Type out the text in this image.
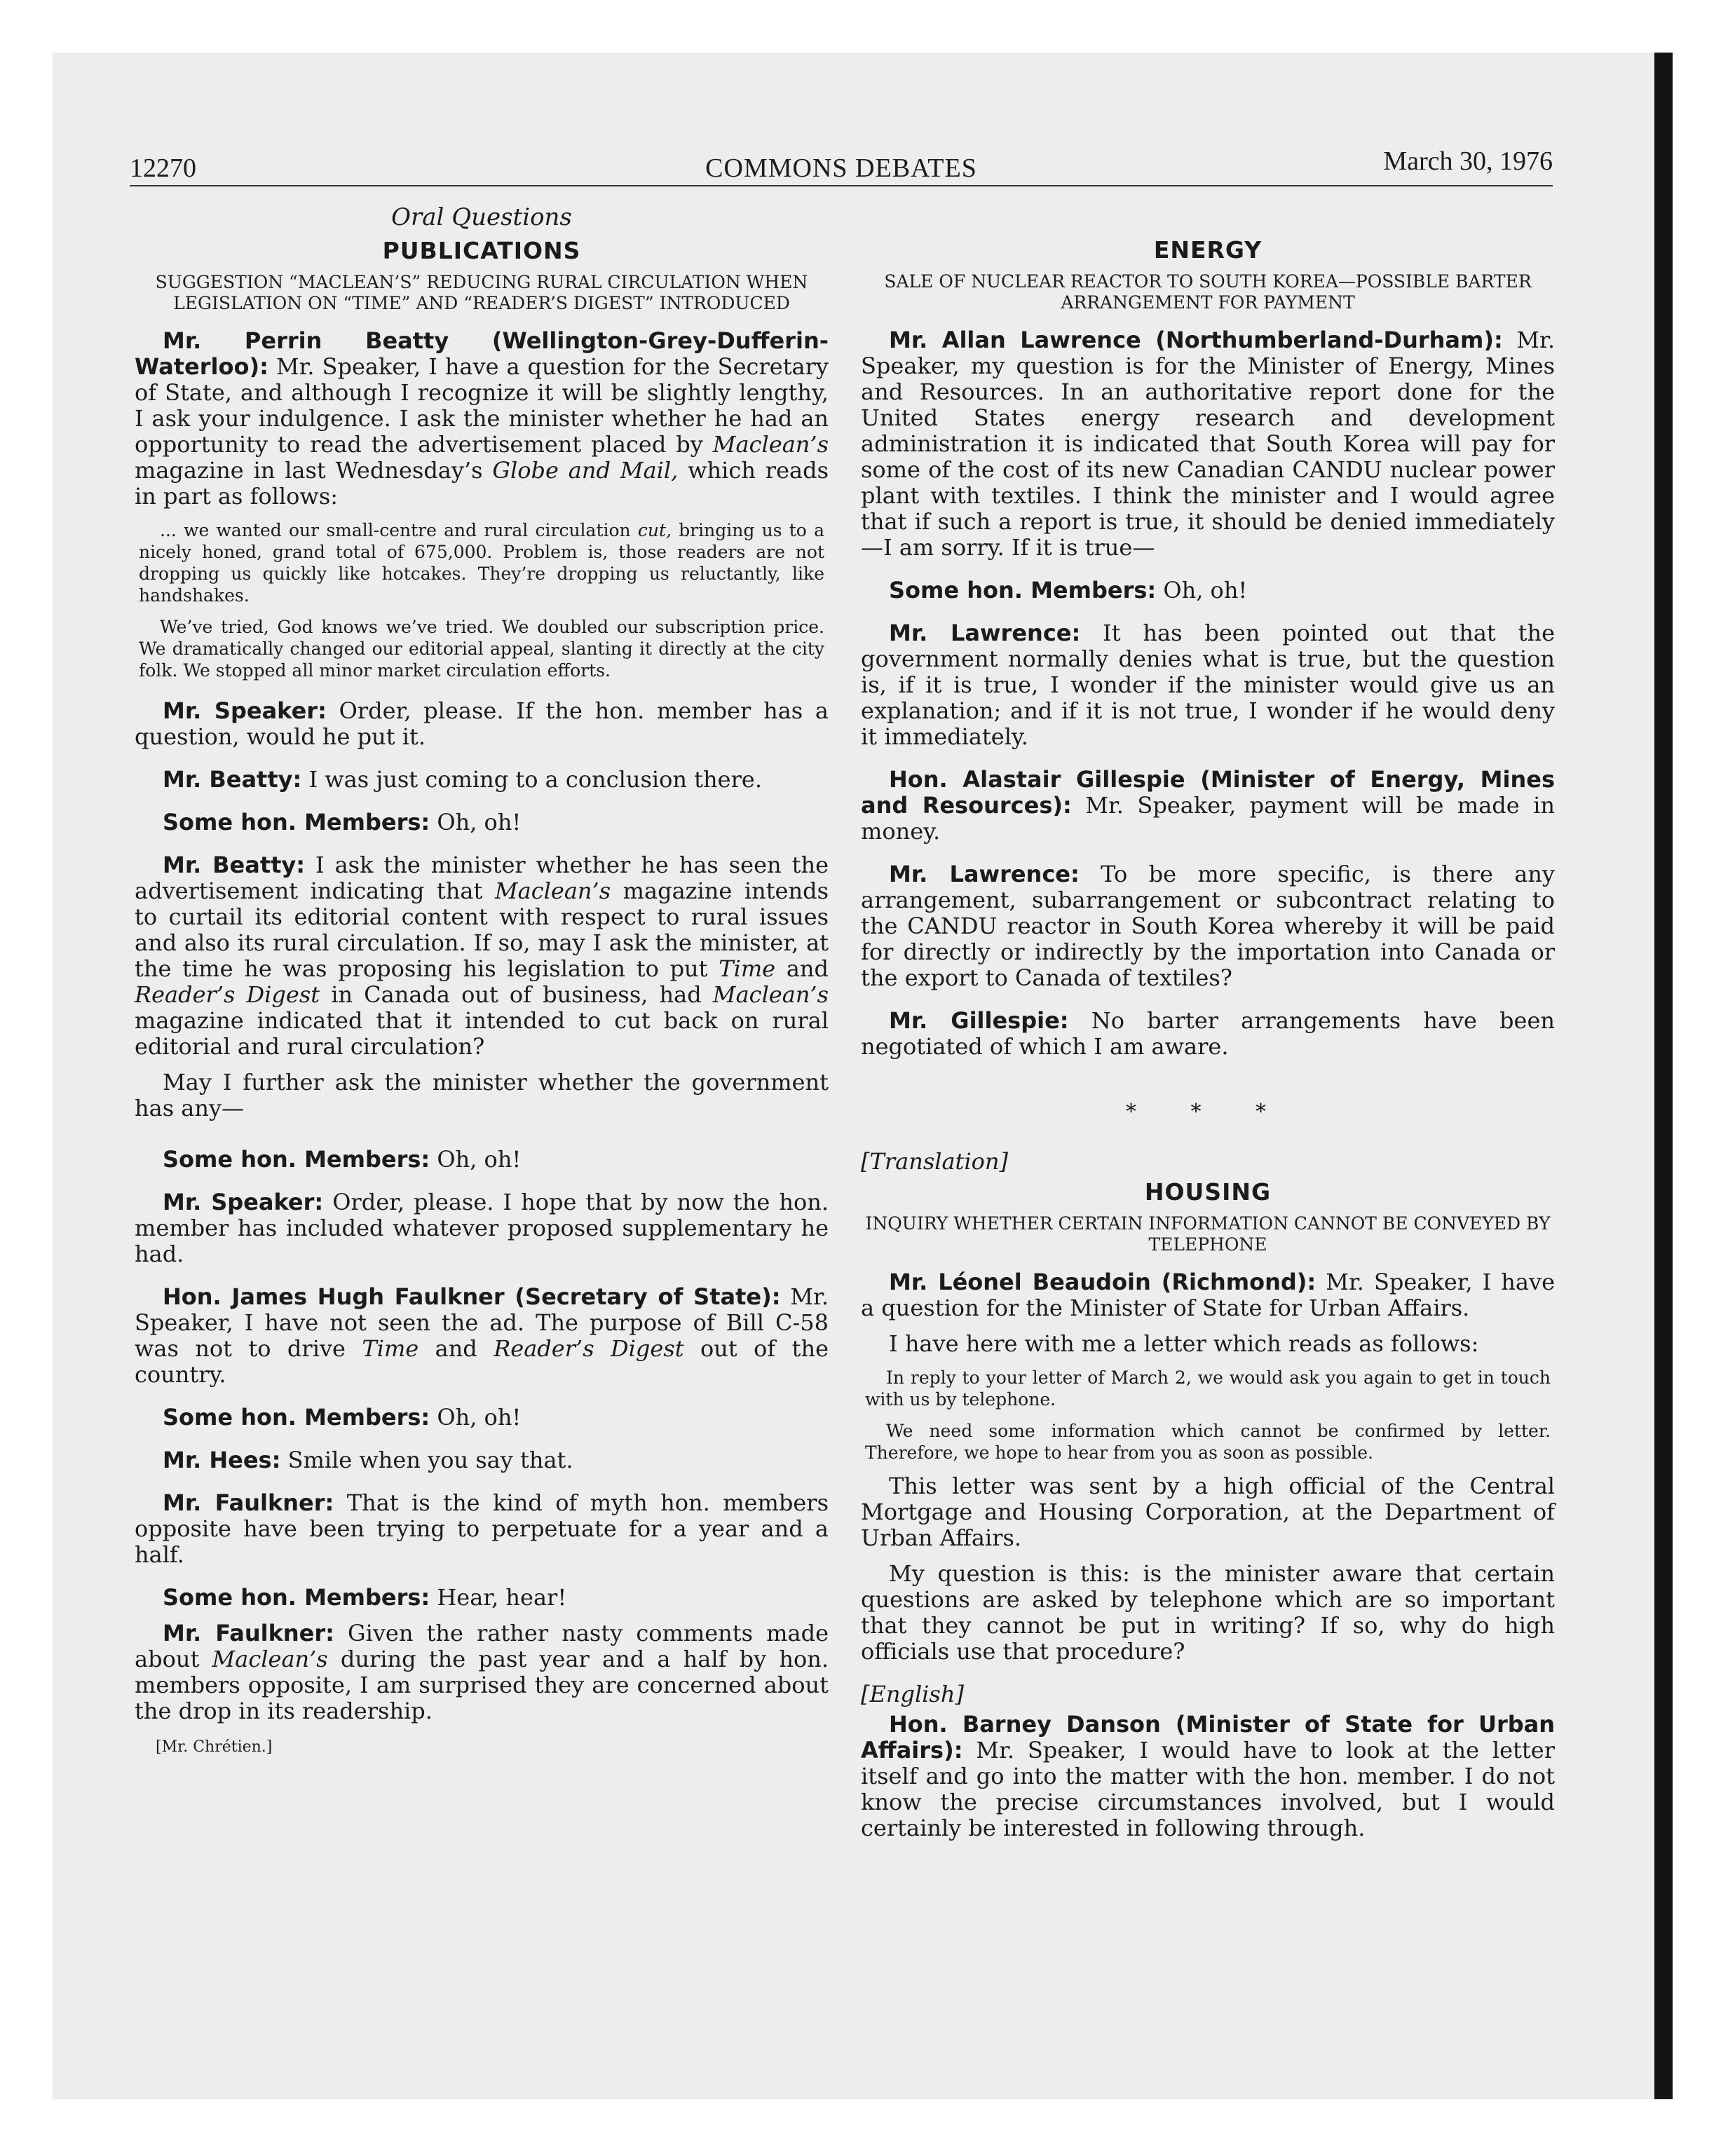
12270	COMMONS DEBATES	March 30, 1976
Oral Questions
PUBLICATIONS
SUGGESTION “MACLEAN’S” REDUCING RURAL CIRCULATION WHEN LEGISLATION ON “TIME” AND “READER’S DIGEST” INTRODUCED

Mr. Perrin Beatty (Wellington-Grey-Dufferin-Waterloo): Mr. Speaker, I have a question for the Secretary of State, and although I recognize it will be slightly lengthy, I ask your indulgence. I ask the minister whether he had an opportunity to read the advertisement placed by Maclean’s magazine in last Wednesday’s Globe and Mail, which reads in part as follows:

... we wanted our small-centre and rural circulation cut, bringing us to a nicely honed, grand total of 675,000. Problem is, those readers are not dropping us quickly like hotcakes. They’re dropping us reluctantly, like handshakes.

We’ve tried, God knows we’ve tried. We doubled our subscription price. We dramatically changed our editorial appeal, slanting it directly at the city folk. We stopped all minor market circulation efforts.

Mr. Speaker: Order, please. If the hon. member has a question, would he put it.

Mr. Beatty: I was just coming to a conclusion there.

Some hon. Members: Oh, oh!

Mr. Beatty: I ask the minister whether he has seen the advertisement indicating that Maclean’s magazine intends to curtail its editorial content with respect to rural issues and also its rural circulation. If so, may I ask the minister, at the time he was proposing his legislation to put Time and Reader’s Digest in Canada out of business, had Maclean’s magazine indicated that it intended to cut back on rural editorial and rural circulation?

May I further ask the minister whether the government has any—

Some hon. Members: Oh, oh!

Mr. Speaker: Order, please. I hope that by now the hon. member has included whatever proposed supplementary he had.

Hon. James Hugh Faulkner (Secretary of State): Mr. Speaker, I have not seen the ad. The purpose of Bill C-58 was not to drive Time and Reader’s Digest out of the country.

Some hon. Members: Oh, oh!

Mr. Hees: Smile when you say that.

Mr. Faulkner: That is the kind of myth hon. members opposite have been trying to perpetuate for a year and a half.

Some hon. Members: Hear, hear!

Mr. Faulkner: Given the rather nasty comments made about Maclean’s during the past year and a half by hon. members opposite, I am surprised they are concerned about the drop in its readership.

[Mr. Chrétien.]
ENERGY
SALE OF NUCLEAR REACTOR TO SOUTH KOREA—POSSIBLE BARTER ARRANGEMENT FOR PAYMENT

Mr. Allan Lawrence (Northumberland-Durham): Mr. Speaker, my question is for the Minister of Energy, Mines and Resources. In an authoritative report done for the United States energy research and development administration it is indicated that South Korea will pay for some of the cost of its new Canadian CANDU nuclear power plant with textiles. I think the minister and I would agree that if such a report is true, it should be denied immediately—I am sorry. If it is true—

Some hon. Members: Oh, oh!

Mr. Lawrence: It has been pointed out that the government normally denies what is true, but the question is, if it is true, I wonder if the minister would give us an explanation; and if it is not true, I wonder if he would deny it immediately.

Hon. Alastair Gillespie (Minister of Energy, Mines and Resources): Mr. Speaker, payment will be made in money.

Mr. Lawrence: To be more specific, is there any arrangement, subarrangement or subcontract relating to the CANDU reactor in South Korea whereby it will be paid for directly or indirectly by the importation into Canada or the export to Canada of textiles?

Mr. Gillespie: No barter arrangements have been negotiated of which I am aware.

* * *
[Translation]
HOUSING
INQUIRY WHETHER CERTAIN INFORMATION CANNOT BE CONVEYED BY TELEPHONE

Mr. Léonel Beaudoin (Richmond): Mr. Speaker, I have a question for the Minister of State for Urban Affairs.

I have here with me a letter which reads as follows:

In reply to your letter of March 2, we would ask you again to get in touch with us by telephone.

We need some information which cannot be confirmed by letter. Therefore, we hope to hear from you as soon as possible.

This letter was sent by a high official of the Central Mortgage and Housing Corporation, at the Department of Urban Affairs.

My question is this: is the minister aware that certain questions are asked by telephone which are so important that they cannot be put in writing? If so, why do high officials use that procedure?

[English]

Hon. Barney Danson (Minister of State for Urban Affairs): Mr. Speaker, I would have to look at the letter itself and go into the matter with the hon. member. I do not know the precise circumstances involved, but I would certainly be interested in following through.
